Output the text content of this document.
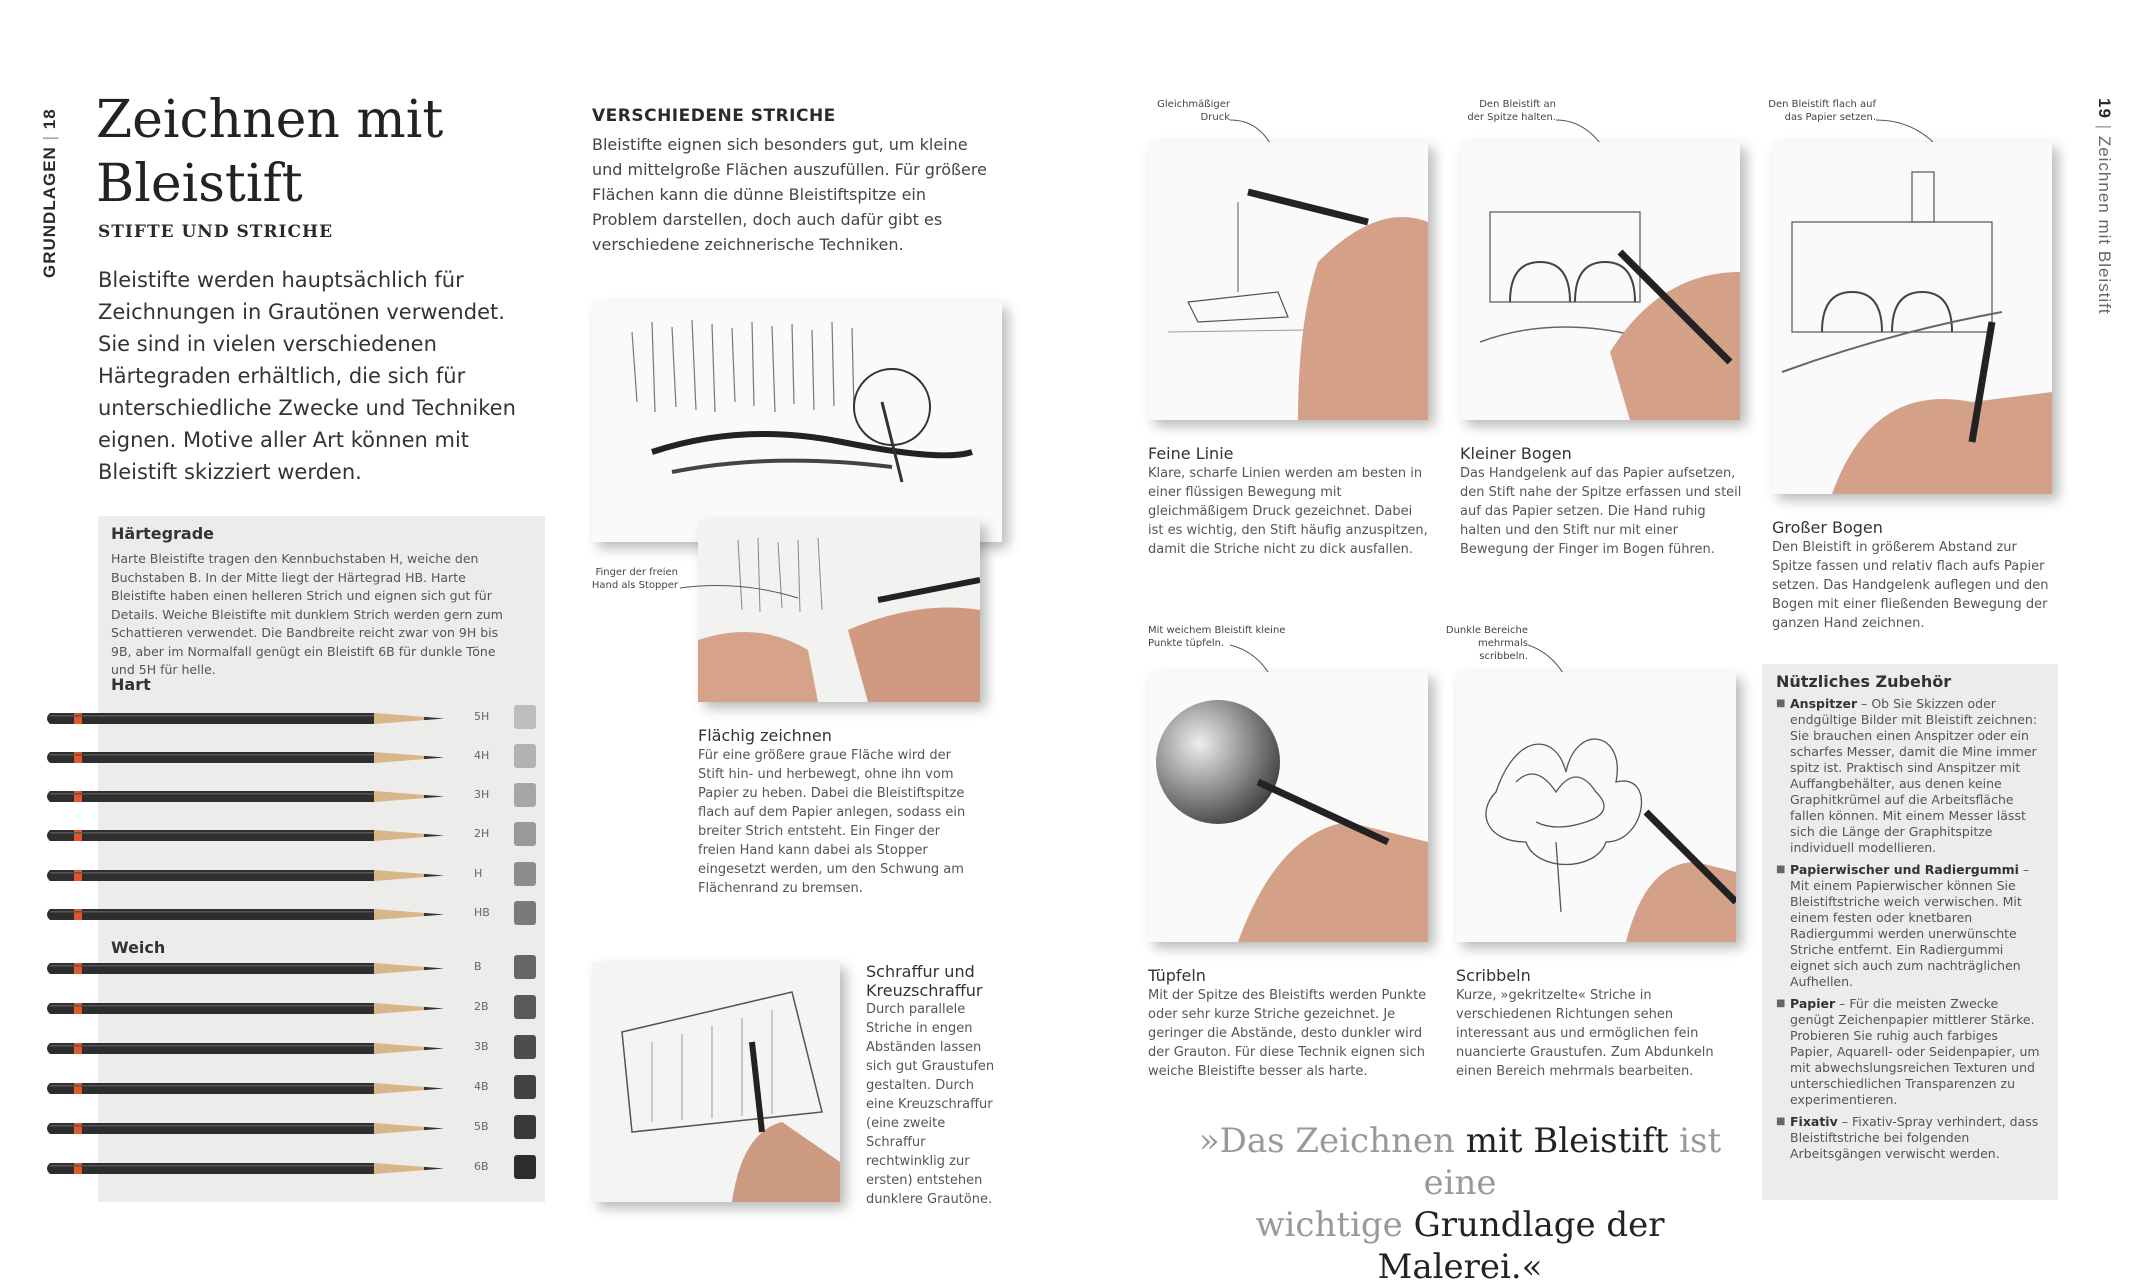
GRUNDLAGEN | 18 Zeichnen mit
Bleistift
STIFTE UND STRICHE
Bleistifte werden hauptsächlich für Zeichnungen in Grautönen verwendet. Sie sind in vielen verschiedenen Härtegraden erhältlich, die sich für unterschiedliche Zwecke und Techniken eignen. Motive aller Art können mit Bleistift skizziert werden.
Härtegrade
Harte Bleistifte tragen den Kennbuchstaben H, weiche den Buchstaben B. In der Mitte liegt der Härtegrad HB. Harte Bleistifte haben einen helleren Strich und eignen sich gut für Details. Weiche Bleistifte mit dunklem Strich werden gern zum Schattieren verwendet. Die Bandbreite reicht zwar von 9H bis 9B, aber im Normalfall genügt ein Bleistift 6B für dunkle Töne und 5H für helle.
Hart
Weich
5H
4H
3H
2H
H
HB
B
2B
3B
4B
5B
6B
VERSCHIEDENE STRICHE
Bleistifte eignen sich besonders gut, um kleine und mittelgroße Flächen auszufüllen. Für größere Flächen kann die dünne Bleistiftspitze ein Problem darstellen, doch auch dafür gibt es verschiedene zeichnerische Techniken.
Finger der freien Hand als Stopper
Flächig zeichnen
Für eine größere graue Fläche wird der Stift hin- und herbewegt, ohne ihn vom Papier zu heben. Dabei die Bleistiftspitze flach auf dem Papier anlegen, sodass ein breiter Strich entsteht. Ein Finger der freien Hand kann dabei als Stopper eingesetzt werden, um den Schwung am Flächenrand zu bremsen.
Schraffur und Kreuzschraffur
Durch parallele Striche in engen Abständen lassen sich gut Graustufen gestalten. Durch eine Kreuzschraffur (eine zweite Schraffur rechtwinklig zur ersten) entstehen dunklere Grautöne.
19 | Zeichnen mit Bleistift
Gleichmäßiger Druck
Feine Linie
Klare, scharfe Linien werden am besten in einer flüssigen Bewegung mit gleichmäßigem Druck gezeichnet. Dabei ist es wichtig, den Stift häufig anzuspitzen, damit die Striche nicht zu dick ausfallen.
Den Bleistift an der Spitze halten.
Kleiner Bogen
Das Handgelenk auf das Papier aufsetzen, den Stift nahe der Spitze erfassen und steil auf das Papier setzen. Die Hand ruhig halten und den Stift nur mit einer Bewegung der Finger im Bogen führen.
Den Bleistift flach auf das Papier setzen.
Großer Bogen
Den Bleistift in größerem Abstand zur Spitze fassen und relativ flach aufs Papier setzen. Das Handgelenk auflegen und den Bogen mit einer fließenden Bewegung der ganzen Hand zeichnen.
Mit weichem Bleistift kleine Punkte tüpfeln.
Tüpfeln
Mit der Spitze des Bleistifts werden Punkte oder sehr kurze Striche gezeichnet. Je geringer die Abstände, desto dunkler wird der Grauton. Für diese Technik eignen sich weiche Bleistifte besser als harte.
Dunkle Bereiche mehrmals scribbeln.
Scribbeln
Kurze, »gekritzelte« Striche in verschiedenen Richtungen sehen interessant aus und ermöglichen fein nuancierte Graustufen. Zum Abdunkeln einen Bereich mehrmals bearbeiten.
Nützliches Zubehör
■ Anspitzer – Ob Sie Skizzen oder endgültige Bilder mit Bleistift zeichnen: Sie brauchen einen Anspitzer oder ein scharfes Messer, damit die Mine immer spitz ist. Praktisch sind Anspitzer mit Auffangbehälter, aus denen keine Graphitkrümel auf die Arbeitsfläche fallen können. Mit einem Messer lässt sich die Länge der Graphitspitze individuell modellieren.
■ Papierwischer und Radiergummi – Mit einem Papierwischer können Sie Bleistiftstriche weich verwischen. Mit einem festen oder knetbaren Radiergummi werden unerwünschte Striche entfernt. Ein Radiergummi eignet sich auch zum nachträglichen Aufhellen.
■ Papier – Für die meisten Zwecke genügt Zeichenpapier mittlerer Stärke. Probieren Sie ruhig auch farbiges Papier, Aquarell- oder Seidenpapier, um mit abwechslungsreichen Texturen und unterschiedlichen Transparenzen zu experimentieren.
■ Fixativ – Fixativ-Spray verhindert, dass Bleistiftstriche bei folgenden Arbeitsgängen verwischt werden.
»Das Zeichnen mit Bleistift ist eine
wichtige Grundlage der Malerei.«
